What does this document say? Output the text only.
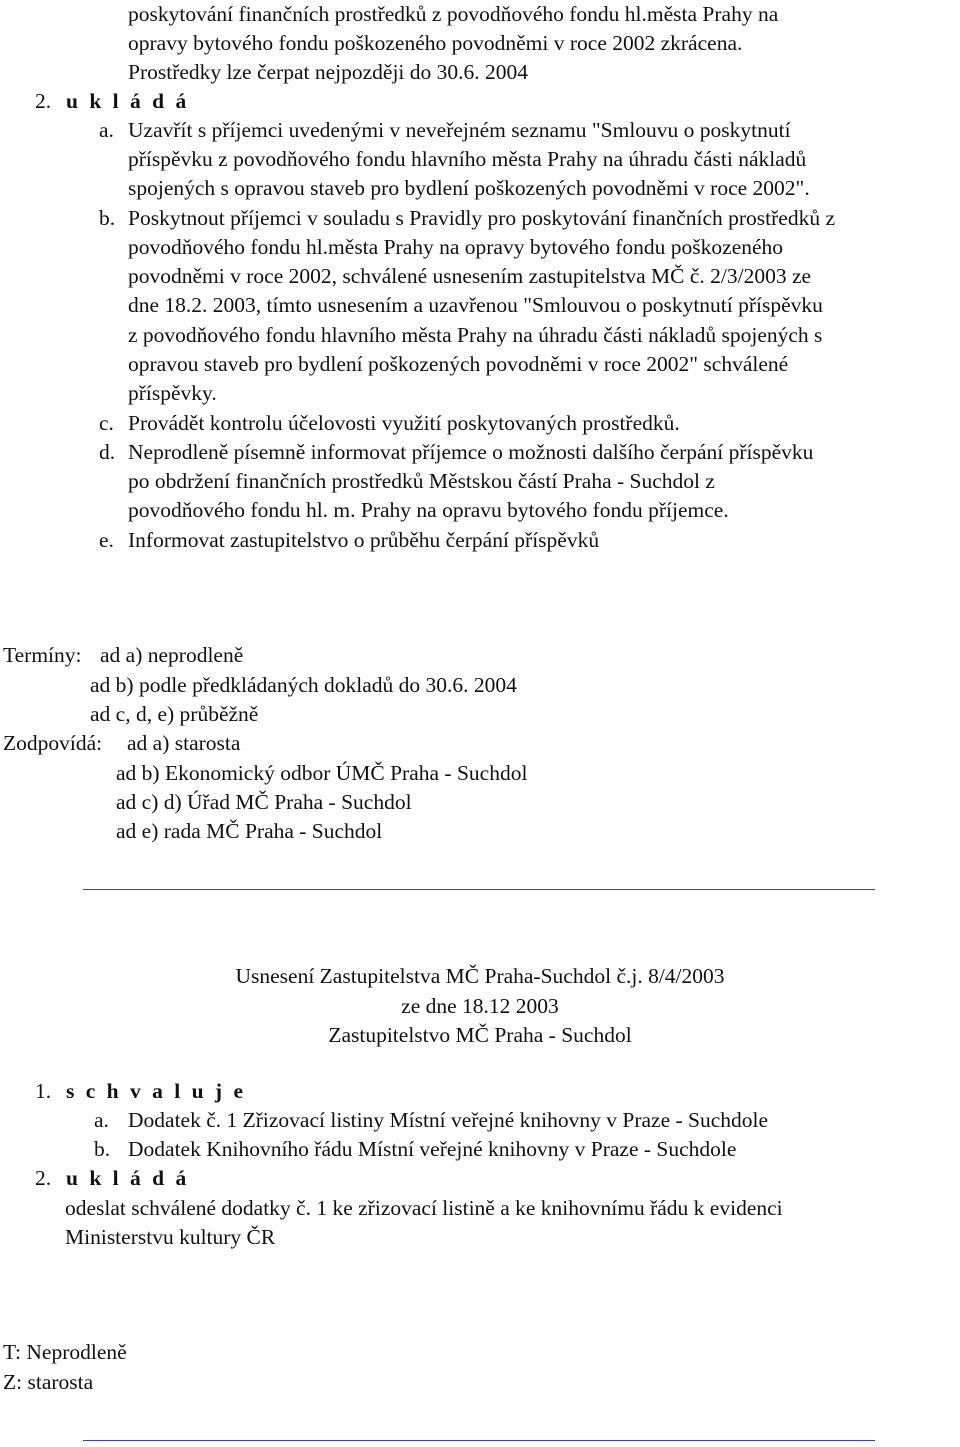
poskytování finančních prostředků z povodňového fondu hl.města Prahy na
opravy bytového fondu poškozeného povodněmi v roce 2002 zkrácena.
Prostředky lze čerpat nejpozději do 30.6. 2004
2. u k l á d á
a. Uzavřít s příjemci uvedenými v neveřejném seznamu "Smlouvu o poskytnutí
příspěvku z povodňového fondu hlavního města Prahy na úhradu části nákladů
spojených s opravou staveb pro bydlení poškozených povodněmi v roce 2002".
b. Poskytnout příjemci v souladu s Pravidly pro poskytování finančních prostředků z
povodňového fondu hl.města Prahy na opravy bytového fondu poškozeného
povodněmi v roce 2002, schválené usnesením zastupitelstva MČ č. 2/3/2003 ze
dne 18.2. 2003, tímto usnesením a uzavřenou "Smlouvou o poskytnutí příspěvku
z povodňového fondu hlavního města Prahy na úhradu části nákladů spojených s
opravou staveb pro bydlení poškozených povodněmi v roce 2002" schválené
příspěvky.
c. Provádět kontrolu účelovosti využití poskytovaných prostředků.
d. Neprodleně písemně informovat příjemce o možnosti dalšího čerpání příspěvku
po obdržení finančních prostředků Městskou částí Praha - Suchdol z
povodňového fondu hl. m. Prahy na opravu bytového fondu příjemce.
e. Informovat zastupitelstvo o průběhu čerpání příspěvků
Termíny: ad a) neprodleně
ad b) podle předkládaných dokladů do 30.6. 2004
ad c, d, e) průběžně
Zodpovídá: ad a) starosta
ad b) Ekonomický odbor ÚMČ Praha - Suchdol
ad c) d) Úřad MČ Praha - Suchdol
ad e) rada MČ Praha - Suchdol
Usnesení Zastupitelstva MČ Praha-Suchdol č.j. 8/4/2003
ze dne 18.12 2003
Zastupitelstvo MČ Praha - Suchdol
1. s c h v a l u j e
a. Dodatek č. 1 Zřizovací listiny Místní veřejné knihovny v Praze - Suchdole
b. Dodatek Knihovního řádu Místní veřejné knihovny v Praze - Suchdole
2. u k l á d á
odeslat schválené dodatky č. 1 ke zřizovací listině a ke knihovnímu řádu k evidenci
Ministerstvu kultury ČR
T: Neprodleně
Z: starosta
